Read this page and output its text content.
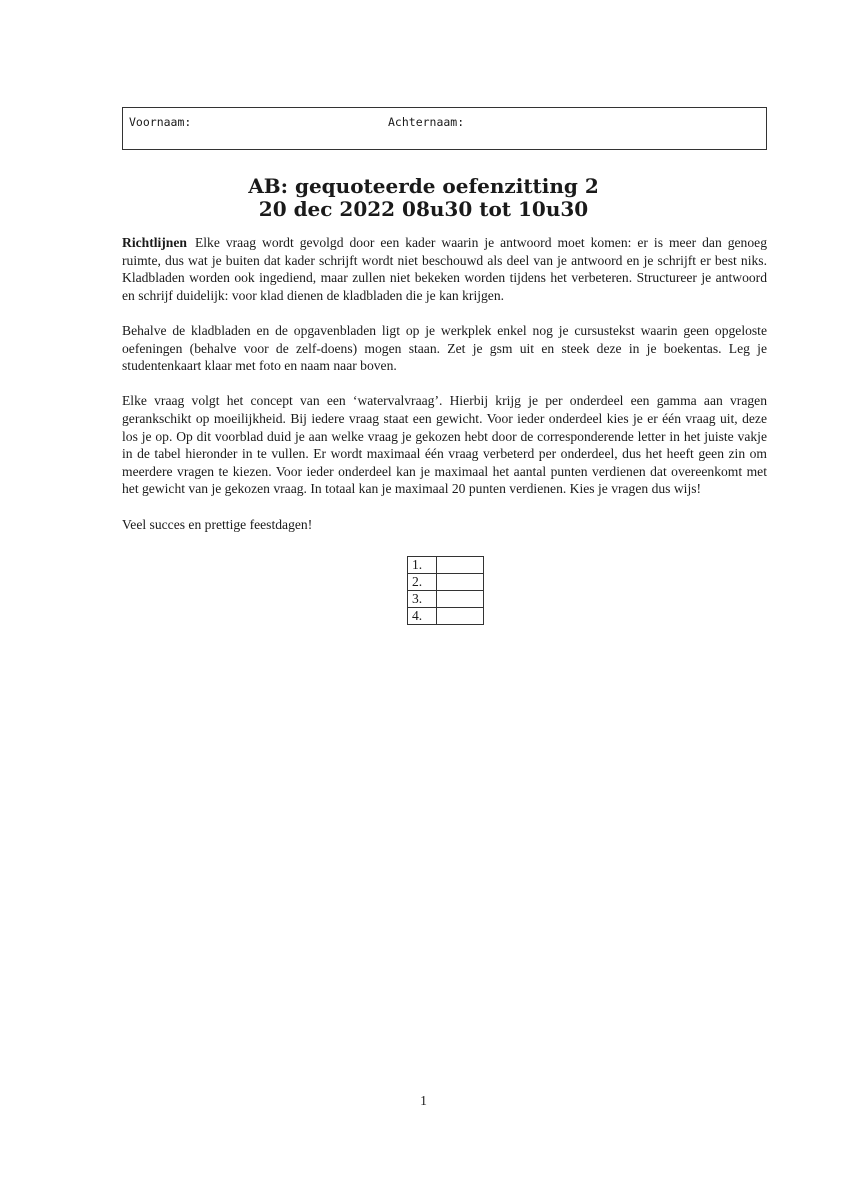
Voornaam:	Achternaam:
AB: gequoteerde oefenzitting 2
20 dec 2022 08u30 tot 10u30

Richtlijnen Elke vraag wordt gevolgd door een kader waarin je antwoord moet komen: er is meer dan genoeg ruimte, dus wat je buiten dat kader schrijft wordt niet beschouwd als deel van je antwoord en je schrijft er best niks. Kladbladen worden ook ingediend, maar zullen niet bekeken worden tijdens het verbeteren. Structureer je antwoord en schrijf duidelijk: voor klad dienen de kladbladen die je kan krijgen.

Behalve de kladbladen en de opgavenbladen ligt op je werkplek enkel nog je cursustekst waarin geen opgeloste oefeningen (behalve voor de zelf-doens) mogen staan. Zet je gsm uit en steek deze in je boekentas. Leg je studentenkaart klaar met foto en naam naar boven.

Elke vraag volgt het concept van een ‘watervalvraag’. Hierbij krijg je per onderdeel een gamma aan vragen gerankschikt op moeilijkheid. Bij iedere vraag staat een gewicht. Voor ieder onderdeel kies je er één vraag uit, deze los je op. Op dit voorblad duid je aan welke vraag je gekozen hebt door de corresponderende letter in het juiste vakje in de tabel hieronder in te vullen. Er wordt maximaal één vraag verbeterd per onderdeel, dus het heeft geen zin om meerdere vragen te kiezen. Voor ieder onderdeel kan je maximaal het aantal punten verdienen dat overeenkomt met het gewicht van je gekozen vraag. In totaal kan je maximaal 20 punten verdienen. Kies je vragen dus wijs!

Veel succes en prettige feestdagen!

1.	
2.	
3.	
4.	
1
